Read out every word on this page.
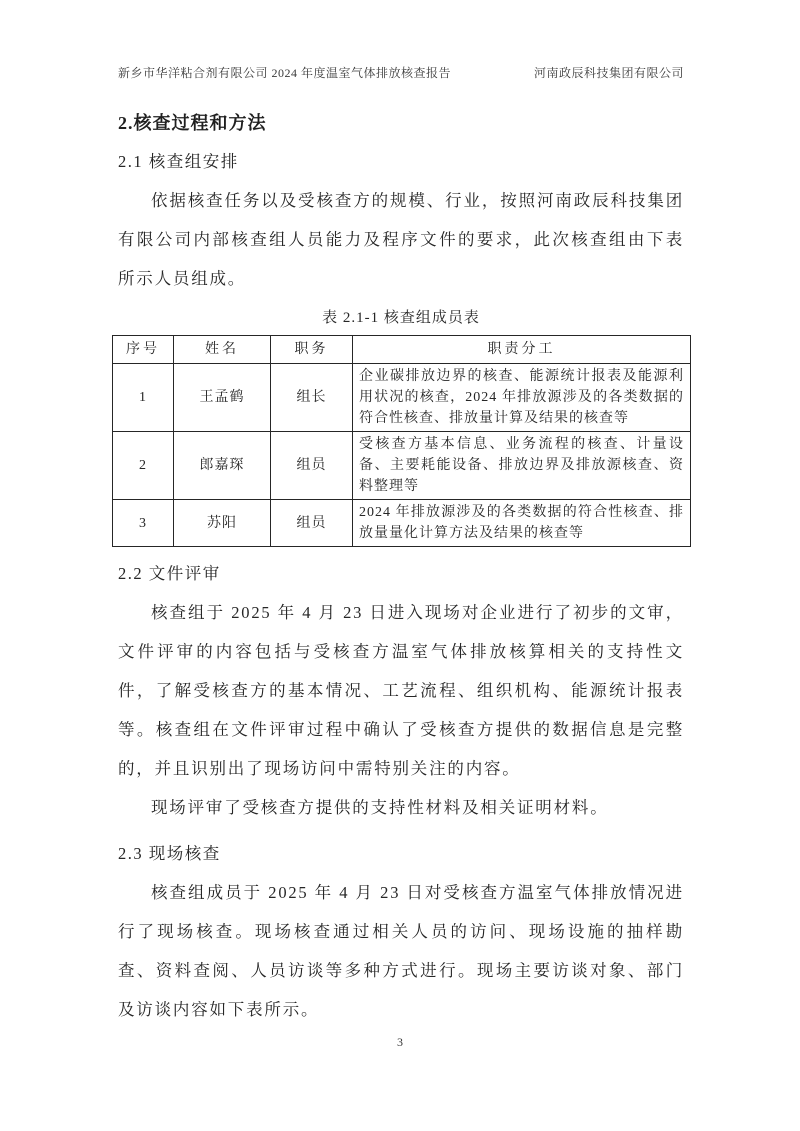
新乡市华洋粘合剂有限公司 2024 年度温室气体排放核查报告	河南政辰科技集团有限公司
2.核查过程和方法
2.1 核查组安排

依据核查任务以及受核查方的规模、行业，按照河南政辰科技集团有限公司内部核查组人员能力及程序文件的要求，此次核查组由下表所示人员组成。

表 2.1-1 核查组成员表
序号	姓名	职务	职责分工
1	王孟鹤	组长	企业碳排放边界的核查、能源统计报表及能源利用状况的核查，2024 年排放源涉及的各类数据的符合性核查、排放量计算及结果的核查等
2	郎嘉琛	组员	受核查方基本信息、业务流程的核查、计量设备、主要耗能设备、排放边界及排放源核查、资料整理等
3	苏阳	组员	2024 年排放源涉及的各类数据的符合性核查、排放量量化计算方法及结果的核查等
2.2 文件评审

核查组于 2025 年 4 月 23 日进入现场对企业进行了初步的文审，文件评审的内容包括与受核查方温室气体排放核算相关的支持性文件，了解受核查方的基本情况、工艺流程、组织机构、能源统计报表等。核查组在文件评审过程中确认了受核查方提供的数据信息是完整的，并且识别出了现场访问中需特别关注的内容。

现场评审了受核查方提供的支持性材料及相关证明材料。

2.3 现场核查

核查组成员于 2025 年 4 月 23 日对受核查方温室气体排放情况进行了现场核查。现场核查通过相关人员的访问、现场设施的抽样勘查、资料查阅、人员访谈等多种方式进行。现场主要访谈对象、部门及访谈内容如下表所示。

3
